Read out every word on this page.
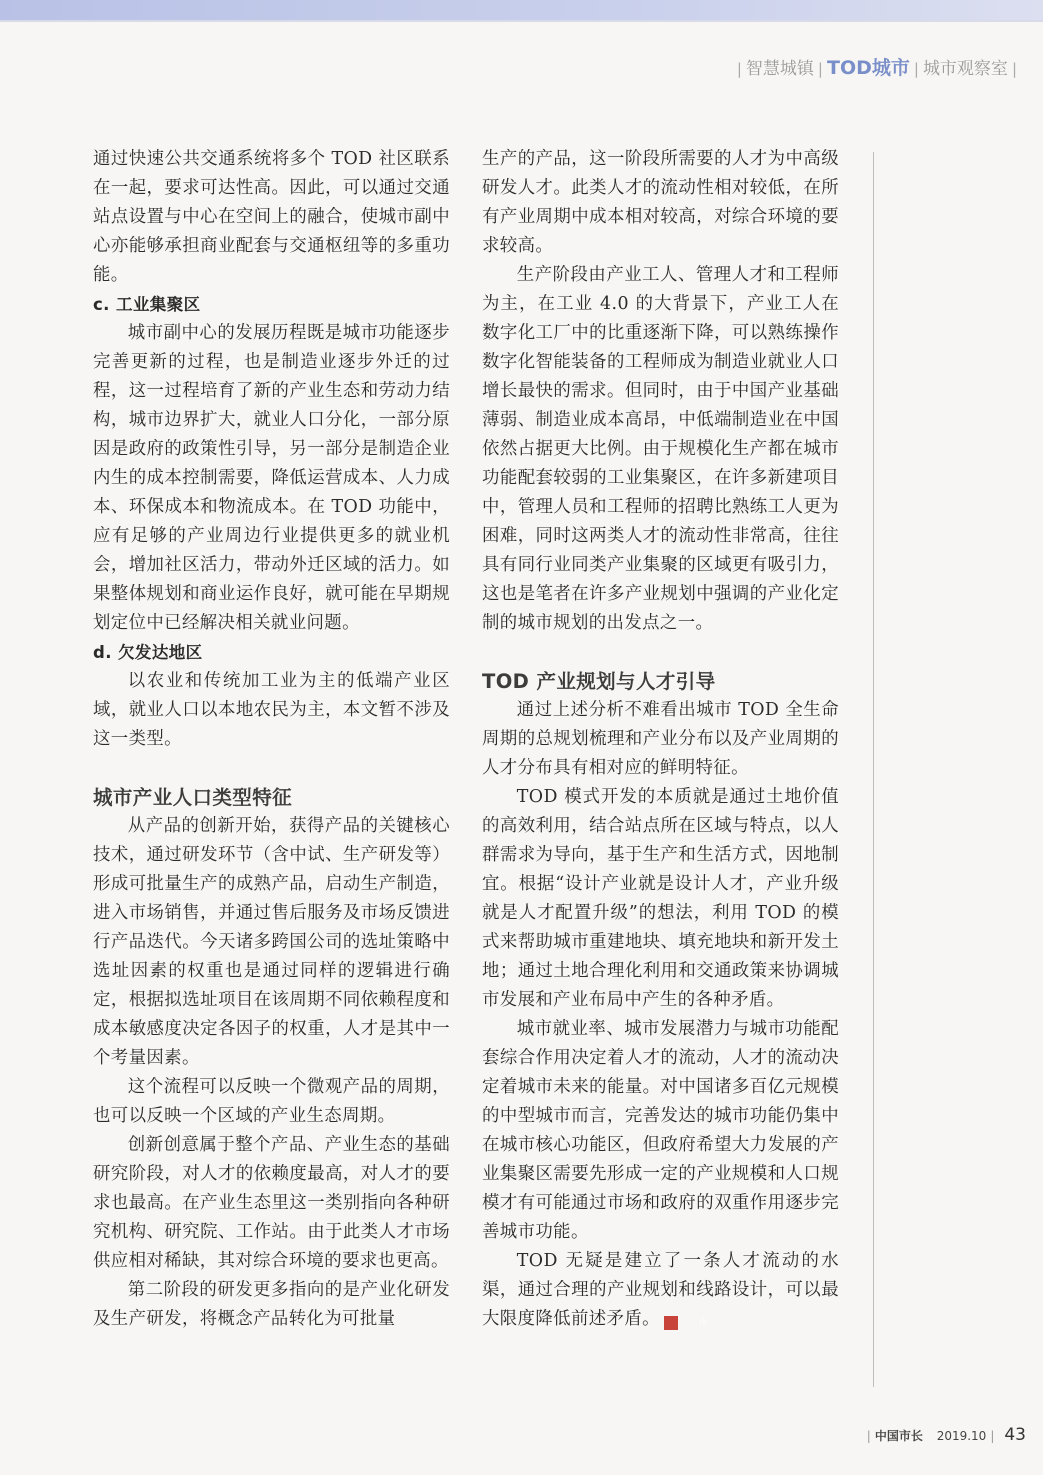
| 智慧城镇 | TOD城市 | 城市观察室 |

通过快速公共交通系统将多个 TOD 社区联系在一起，要求可达性高。因此，可以通过交通站点设置与中心在空间上的融合，使城市副中心亦能够承担商业配套与交通枢纽等的多重功能。

c. 工业集聚区

城市副中心的发展历程既是城市功能逐步完善更新的过程，也是制造业逐步外迁的过程，这一过程培育了新的产业生态和劳动力结构，城市边界扩大，就业人口分化，一部分原因是政府的政策性引导，另一部分是制造企业内生的成本控制需要，降低运营成本、人力成本、环保成本和物流成本。在 TOD 功能中，应有足够的产业周边行业提供更多的就业机会，增加社区活力，带动外迁区域的活力。如果整体规划和商业运作良好，就可能在早期规划定位中已经解决相关就业问题。

d. 欠发达地区

以农业和传统加工业为主的低端产业区域，就业人口以本地农民为主，本文暂不涉及这一类型。

城市产业人口类型特征

从产品的创新开始，获得产品的关键核心技术，通过研发环节（含中试、生产研发等）形成可批量生产的成熟产品，启动生产制造，进入市场销售，并通过售后服务及市场反馈进行产品迭代。今天诸多跨国公司的选址策略中选址因素的权重也是通过同样的逻辑进行确定，根据拟选址项目在该周期不同依赖程度和成本敏感度决定各因子的权重，人才是其中一个考量因素。

这个流程可以反映一个微观产品的周期，也可以反映一个区域的产业生态周期。

创新创意属于整个产品、产业生态的基础研究阶段，对人才的依赖度最高，对人才的要求也最高。在产业生态里这一类别指向各种研究机构、研究院、工作站。由于此类人才市场供应相对稀缺，其对综合环境的要求也更高。

第二阶段的研发更多指向的是产业化研发及生产研发，将概念产品转化为可批量

生产的产品，这一阶段所需要的人才为中高级研发人才。此类人才的流动性相对较低，在所有产业周期中成本相对较高，对综合环境的要求较高。

生产阶段由产业工人、管理人才和工程师为主，在工业 4.0 的大背景下，产业工人在数字化工厂中的比重逐渐下降，可以熟练操作数字化智能装备的工程师成为制造业就业人口增长最快的需求。但同时，由于中国产业基础薄弱、制造业成本高昂，中低端制造业在中国依然占据更大比例。由于规模化生产都在城市功能配套较弱的工业集聚区，在许多新建项目中，管理人员和工程师的招聘比熟练工人更为困难，同时这两类人才的流动性非常高，往往具有同行业同类产业集聚的区域更有吸引力，这也是笔者在许多产业规划中强调的产业化定制的城市规划的出发点之一。

TOD 产业规划与人才引导

通过上述分析不难看出城市 TOD 全生命周期的总规划梳理和产业分布以及产业周期的人才分布具有相对应的鲜明特征。

TOD 模式开发的本质就是通过土地价值的高效利用，结合站点所在区域与特点，以人群需求为导向，基于生产和生活方式，因地制宜。根据“设计产业就是设计人才，产业升级就是人才配置升级”的想法，利用 TOD 的模式来帮助城市重建地块、填充地块和新开发土地；通过土地合理化利用和交通政策来协调城市发展和产业布局中产生的各种矛盾。

城市就业率、城市发展潜力与城市功能配套综合作用决定着人才的流动，人才的流动决定着城市未来的能量。对中国诸多百亿元规模的中型城市而言，完善发达的城市功能仍集中在城市核心功能区，但政府希望大力发展的产业集聚区需要先形成一定的产业规模和人口规模才有可能通过市场和政府的双重作用逐步完善城市功能。

TOD 无疑是建立了一条人才流动的水渠，通过合理的产业规划和线路设计，可以最大限度降低前述矛盾。	市

| 中国市长 2019.10 | 43
